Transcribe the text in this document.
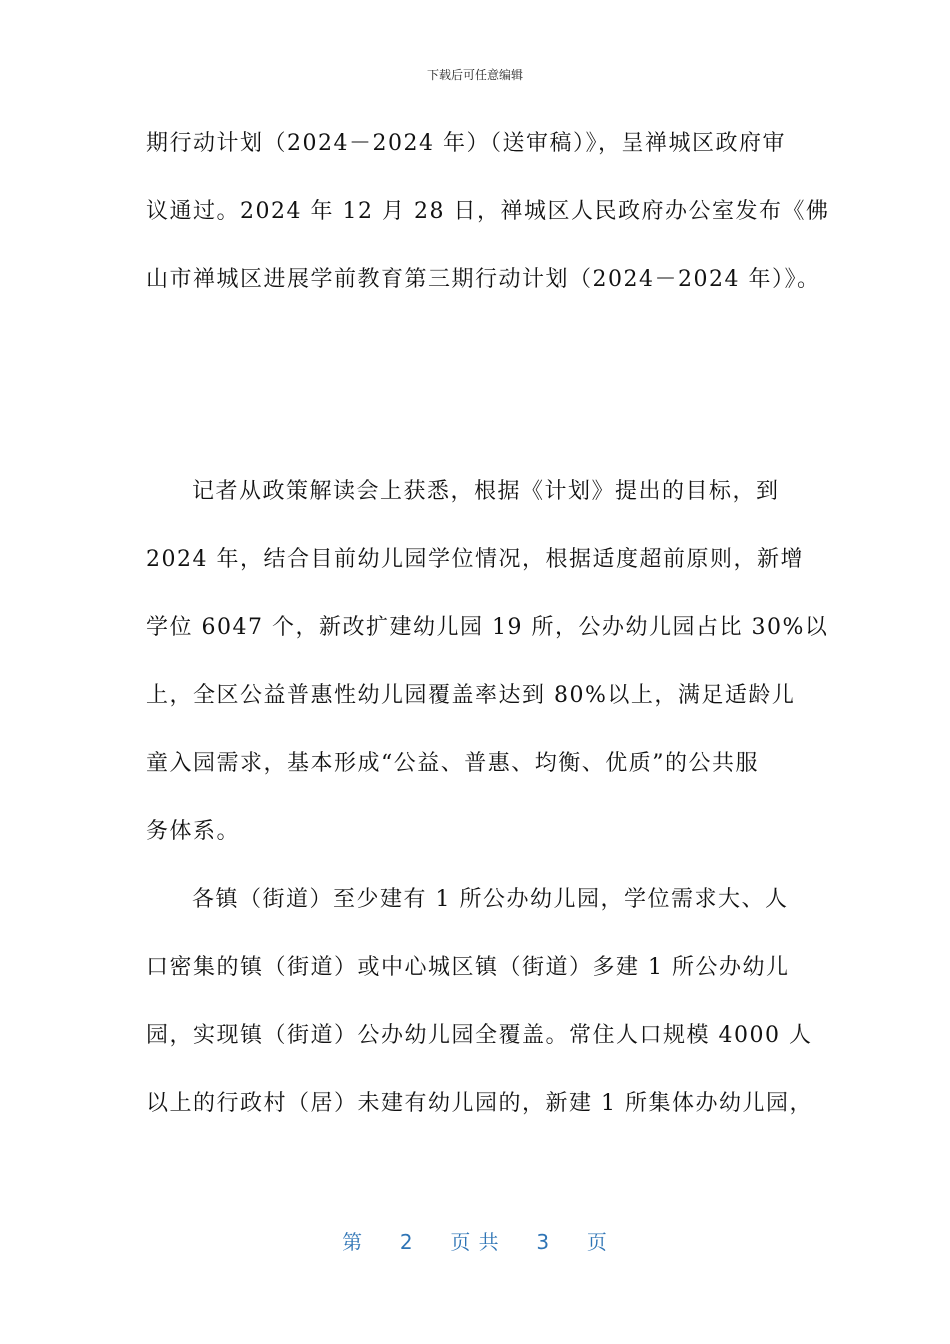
下载后可任意编辑
期行动计划（2024－2024 年）（送审稿）》，呈禅城区政府审
议通过。2024 年 12 月 28 日，禅城区人民政府办公室发布《佛
山市禅城区进展学前教育第三期行动计划（2024－2024 年）》。
记者从政策解读会上获悉，根据《计划》提出的目标，到
2024 年，结合目前幼儿园学位情况，根据适度超前原则，新增
学位 6047 个，新改扩建幼儿园 19 所，公办幼儿园占比 30%以
上，全区公益普惠性幼儿园覆盖率达到 80%以上，满足适龄儿
童入园需求，基本形成“公益、普惠、均衡、优质”的公共服
务体系。
各镇（街道）至少建有 1 所公办幼儿园，学位需求大、人
口密集的镇（街道）或中心城区镇（街道）多建 1 所公办幼儿
园，实现镇（街道）公办幼儿园全覆盖。常住人口规模 4000 人
以上的行政村（居）未建有幼儿园的，新建 1 所集体办幼儿园，
第 2 页 共 3 页
